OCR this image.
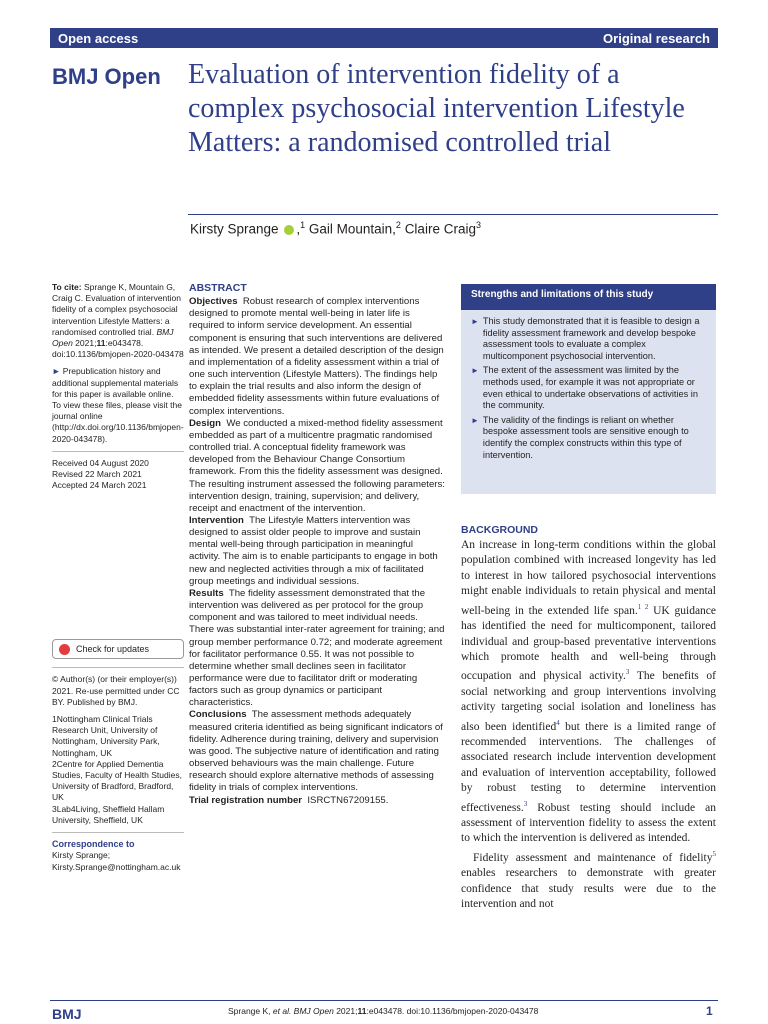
Open access	Original research
BMJ Open Evaluation of intervention fidelity of a complex psychosocial intervention Lifestyle Matters: a randomised controlled trial
Kirsty Sprange ,$^1$ Gail Mountain,$^2$ Claire Craig$^3$

To cite: Sprange K, Mountain G, Craig C. Evaluation of intervention fidelity of a complex psychosocial intervention Lifestyle Matters: a randomised controlled trial. BMJ Open 2021;11:e043478. doi:10.1136/bmjopen-2020-043478

► Prepublication history and additional supplemental materials for this paper is available online. To view these files, please visit the journal online (http://dx.doi.org/10.1136/bmjopen-2020-043478).

Received 04 August 2020
Revised 22 March 2021
Accepted 24 March 2021
Check for updates

© Author(s) (or their employer(s)) 2021. Re-use permitted under CC BY. Published by BMJ.

1Nottingham Clinical Trials Research Unit, University of Nottingham, University Park, Nottingham, UK

2Centre for Applied Dementia Studies, Faculty of Health Studies, University of Bradford, Bradford, UK

3Lab4Living, Sheffield Hallam University, Sheffield, UK

Correspondence to
Kirsty Sprange;
Kirsty.Sprange@nottingham.ac.uk
ABSTRACT

Objectives Robust research of complex interventions designed to promote mental well-being in later life is required to inform service development. An essential component is ensuring that such interventions are delivered as intended. We present a detailed description of the design and implementation of a fidelity assessment within a trial of one such intervention (Lifestyle Matters). The findings help to explain the trial results and also inform the design of embedded fidelity assessments within future evaluations of complex interventions.

Design We conducted a mixed-method fidelity assessment embedded as part of a multicentre pragmatic randomised controlled trial. A conceptual fidelity framework was developed from the Behaviour Change Consortium framework. From this the fidelity assessment was designed. The resulting instrument assessed the following parameters: intervention design, training, supervision; and delivery, receipt and enactment of the intervention.

Intervention The Lifestyle Matters intervention was designed to assist older people to improve and sustain mental well-being through participation in meaningful activity. The aim is to enable participants to engage in both new and neglected activities through a mix of facilitated group meetings and individual sessions.

Results The fidelity assessment demonstrated that the intervention was delivered as per protocol for the group component and was tailored to meet individual needs. There was substantial inter-rater agreement for training; and group member performance 0.72; and moderate agreement for facilitator performance 0.55. It was not possible to determine whether small declines seen in facilitator performance were due to facilitator drift or moderating factors such as group dynamics or participant characteristics.

Conclusions The assessment methods adequately measured criteria identified as being significant indicators of fidelity. Adherence during training, delivery and supervision was good. The subjective nature of identification and rating observed behaviours was the main challenge. Future research should explore alternative methods of assessing fidelity in trials of complex interventions.

Trial registration number ISRCTN67209155.

Strengths and limitations of this study
► This study demonstrated that it is feasible to design a fidelity assessment framework and develop bespoke assessment tools to evaluate a complex multicomponent psychosocial intervention.
► The extent of the assessment was limited by the methods used, for example it was not appropriate or even ethical to undertake observations of activities in the community.
► The validity of the findings is reliant on whether bespoke assessment tools are sensitive enough to identify the complex constructs within this type of intervention.
BACKGROUND

An increase in long-term conditions within the global population combined with increased longevity has led to interest in how tailored psychosocial interventions might enable individuals to retain physical and mental well-being in the extended life span.$^{1 2}$ UK guidance has identified the need for multicomponent, tailored individual and group-based preventative interventions which promote health and well-being through occupation and physical activity.$^3$ The benefits of social networking and group interventions involving activity targeting social isolation and loneliness has also been identified$^4$ but there is a limited range of recommended interventions. The challenges of associated research include intervention development and evaluation of intervention acceptability, followed by robust testing to determine intervention effectiveness.$^3$ Robust testing should include an assessment of intervention fidelity to assess the extent to which the intervention is delivered as intended.

Fidelity assessment and maintenance of fidelity$^5$ enables researchers to demonstrate with greater confidence that study results were due to the intervention and not

BMJ	Sprange K, et al. BMJ Open 2021;11:e043478. doi:10.1136/bmjopen-2020-043478	1
